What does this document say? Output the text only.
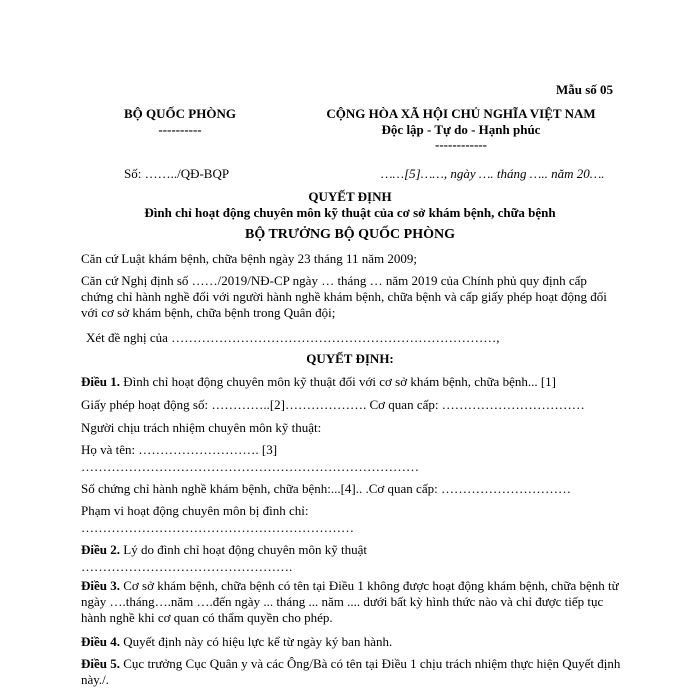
Mẫu số 05
BỘ QUỐC PHÒNG
----------
CỘNG HÒA XÃ HỘI CHỦ NGHĨA VIỆT NAM
Độc lập - Tự do - Hạnh phúc
------------
Số: ……../QĐ-BQP	……[5]……, ngày …. tháng ….. năm 20….
QUYẾT ĐỊNH
Đình chỉ hoạt động chuyên môn kỹ thuật của cơ sở khám bệnh, chữa bệnh
BỘ TRƯỞNG BỘ QUỐC PHÒNG
Căn cứ Luật khám bệnh, chữa bệnh ngày 23 tháng 11 năm 2009;
Căn cứ Nghị định số ……/2019/NĐ-CP ngày … tháng … năm 2019 của Chính phủ quy định cấp chứng chỉ hành nghề đối với người hành nghề khám bệnh, chữa bệnh và cấp giấy phép hoạt động đối với cơ sở khám bệnh, chữa bệnh trong Quân đội;
Xét đề nghị của …………………………………………………………………,
QUYẾT ĐỊNH:
Điều 1. Đình chỉ hoạt động chuyên môn kỹ thuật đối với cơ sở khám bệnh, chữa bệnh... [1]
Giấy phép hoạt động số: …………..[2]………………. Cơ quan cấp: ……………………………
Người chịu trách nhiệm chuyên môn kỹ thuật:
Họ và tên: ………………………. [3]
……………………………………………………………………
Số chứng chỉ hành nghề khám bệnh, chữa bệnh:...[4].. .Cơ quan cấp: …………………………
Phạm vi hoạt động chuyên môn bị đình chỉ:
………………………………………………………
Điều 2. Lý do đình chỉ hoạt động chuyên môn kỹ thuật
………………………………………….
Điều 3. Cơ sở khám bệnh, chữa bệnh có tên tại Điều 1 không được hoạt động khám bệnh, chữa bệnh từ ngày ….tháng….năm ….đến ngày ... tháng ... năm .... dưới bất kỳ hình thức nào và chỉ được tiếp tục hành nghề khi cơ quan có thẩm quyền cho phép.
Điều 4. Quyết định này có hiệu lực kể từ ngày ký ban hành.
Điều 5. Cục trưởng Cục Quân y và các Ông/Bà có tên tại Điều 1 chịu trách nhiệm thực hiện Quyết định này./.
